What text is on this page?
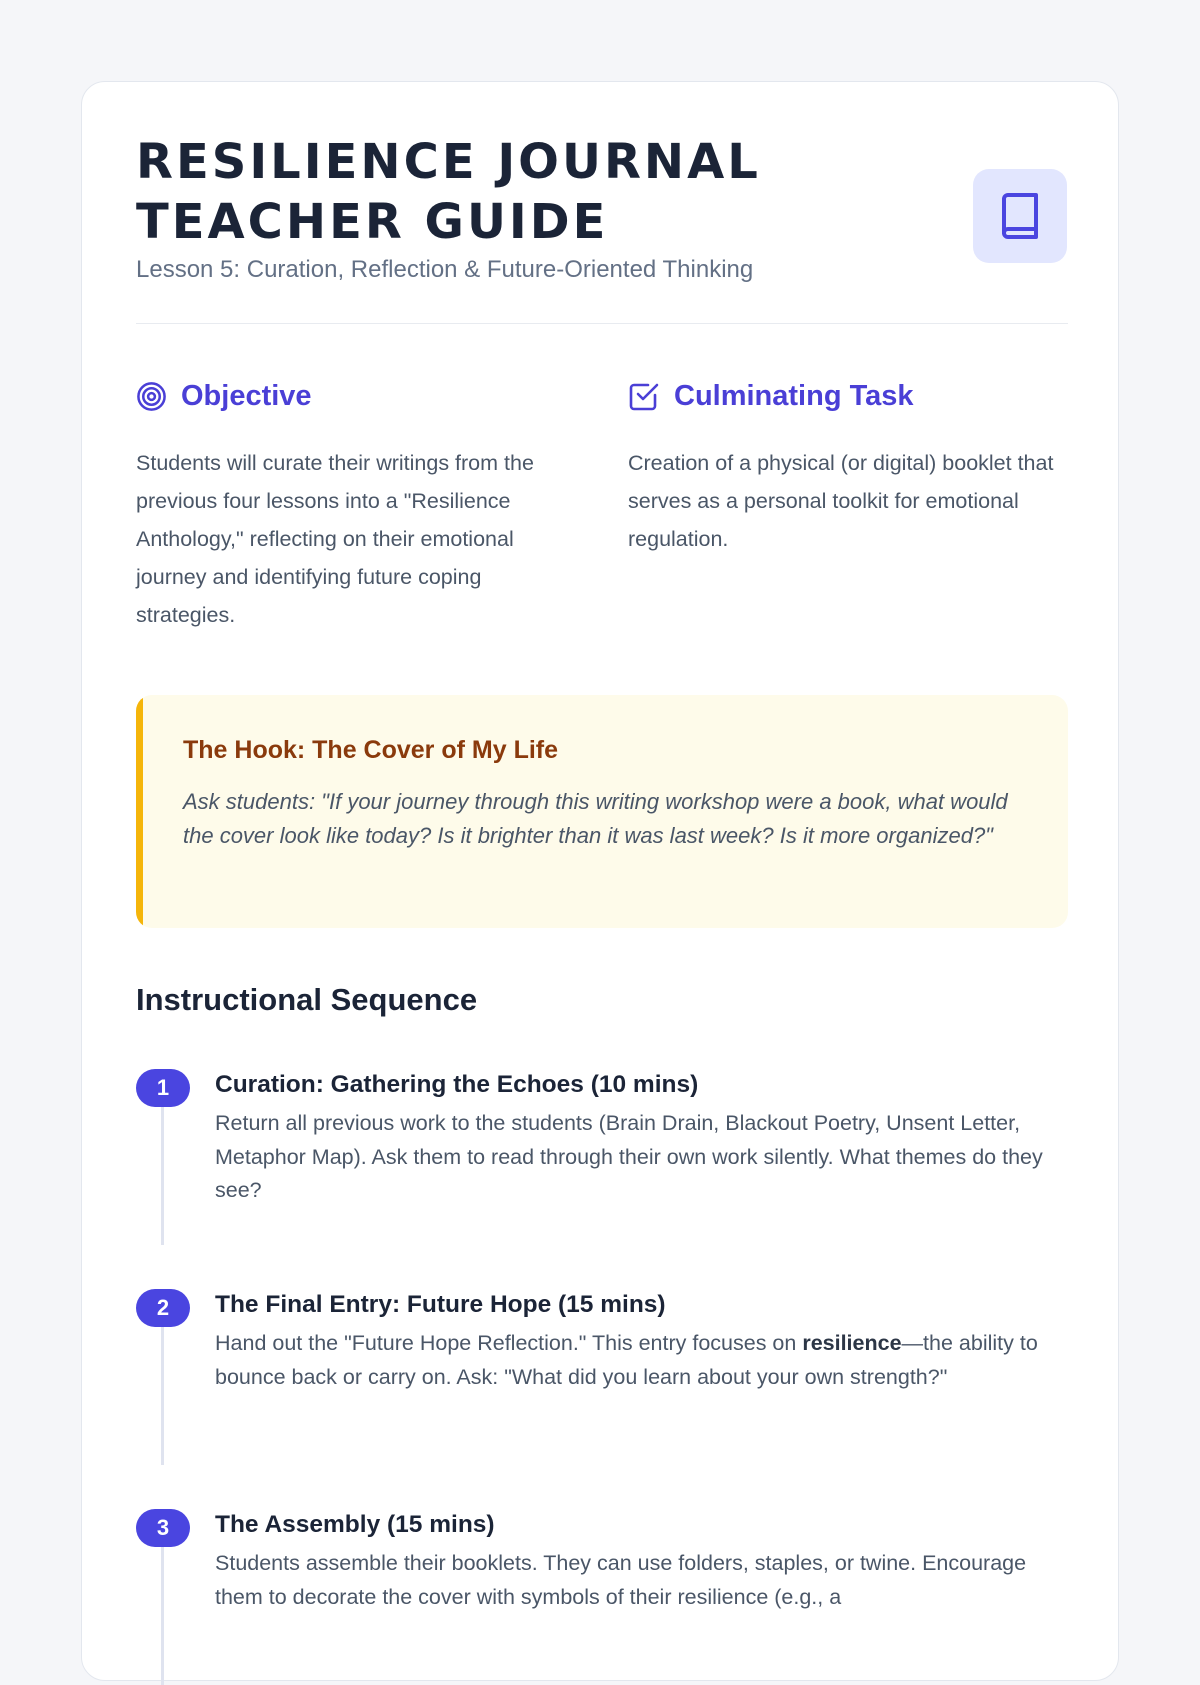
RESILIENCE JOURNAL TEACHER GUIDE
Lesson 5: Curation, Reflection & Future-Oriented Thinking
Objective
Students will curate their writings from the previous four lessons into a "Resilience Anthology," reflecting on their emotional journey and identifying future coping strategies.
Culminating Task
Creation of a physical (or digital) booklet that serves as a personal toolkit for emotional regulation.
The Hook: The Cover of My Life
Ask students: "If your journey through this writing workshop were a book, what would the cover look like today? Is it brighter than it was last week? Is it more organized?"
Instructional Sequence
1	Curation: Gathering the Echoes (10 mins)
Return all previous work to the students (Brain Drain, Blackout Poetry, Unsent Letter, Metaphor Map). Ask them to read through their own work silently. What themes do they see?
2	The Final Entry: Future Hope (15 mins)
Hand out the "Future Hope Reflection." This entry focuses on resilience—the ability to bounce back or carry on. Ask: "What did you learn about your own strength?"
3	The Assembly (15 mins)
Students assemble their booklets. They can use folders, staples, or twine. Encourage them to decorate the cover with symbols of their resilience (e.g., a
